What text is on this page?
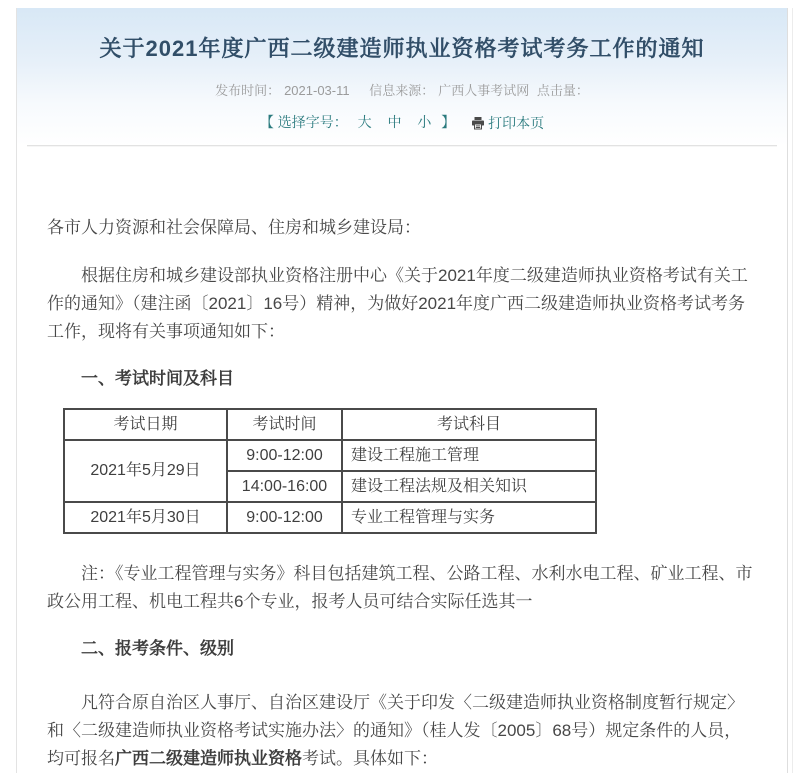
关于2021年度广西二级建造师执业资格考试考务工作的通知
发布时间： 2021-03-11 信息来源： 广西人事考试网 点击量：
【 选择字号： 大 中 小 】 打印本页

各市人力资源和社会保障局、住房和城乡建设局：

根据住房和城乡建设部执业资格注册中心《关于2021年度二级建造师执业资格考试有关工作的通知》（建注函〔2021〕16号）精神，为做好2021年度广西二级建造师执业资格考试考务工作，现将有关事项通知如下：

一、考试时间及科目

考试日期	考试时间	考试科目
2021年5月29日	9:00-12:00	建设工程施工管理
	14:00-16:00	建设工程法规及相关知识
2021年5月30日	9:00-12:00	专业工程管理与实务

注：《专业工程管理与实务》科目包括建筑工程、公路工程、水利水电工程、矿业工程、市政公用工程、机电工程共6个专业，报考人员可结合实际任选其一

二、报考条件、级别

凡符合原自治区人事厅、自治区建设厅《关于印发〈二级建造师执业资格制度暂行规定〉和〈二级建造师执业资格考试实施办法〉的通知》（桂人发〔2005〕68号）规定条件的人员，均可报名广西二级建造师执业资格考试。具体如下：
